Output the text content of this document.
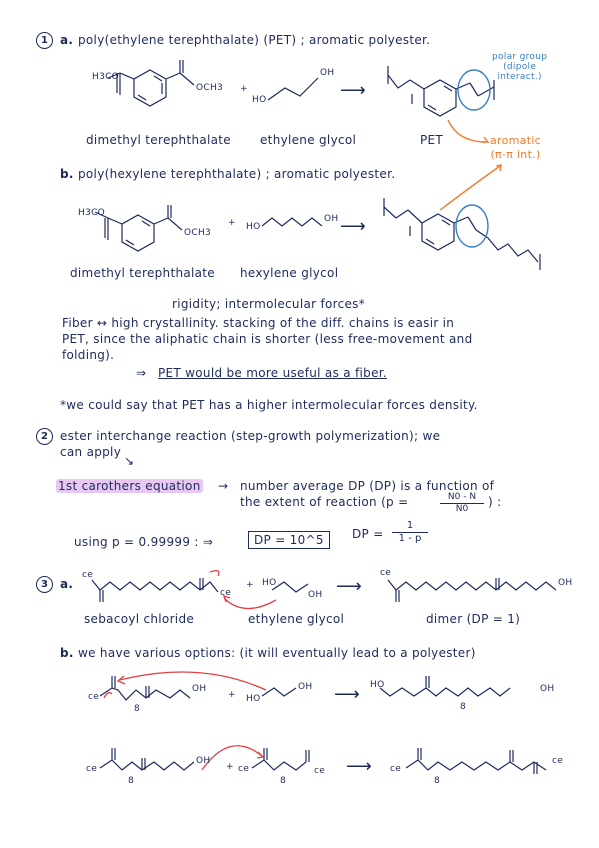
1	a. poly(ethylene terephthalate) (PET) ; aromatic polyester.
H3CO
OCH3 +
HO
OH
⟶
polar group
(dipole
interact.)
aromatic
(π-π int.)
dimethyl terephthalate ethylene glycol	PET
b. poly(hexylene terephthalate) ; aromatic polyester.
H3CO
OCH3
+ HO
OH ⟶
dimethyl terephthalate hexylene glycol
rigidity; intermolecular forces*
Fiber ↔ high crystallinity. stacking of the diff. chains is easir in
PET, since the aliphatic chain is shorter (less free-movement and
folding).
⇒ PET would be more useful as a fiber.
*we could say that PET has a higher intermolecular forces density.
2	ester interchange reaction (step-growth polymerization); we
can apply
↘
1st carothers equation → number average DP (DP) is a function of
the extent of reaction (p =	N0 - N
N0	) :
using p = 0.99999 : ⇒	DP = 10^5	DP =
1
1 - p
3	a.
ce
ce
+ HO
OH ⟶
ce
OH
sebacoyl chloride	ethylene glycol	dimer (DP = 1)
b. we have various options: (it will eventually lead to a polyester)
ce
8
OH
+ HO
OH ⟶ HO
8
OH
ce
8
OH
+ ce
8
ce ⟶ ce
8
ce
